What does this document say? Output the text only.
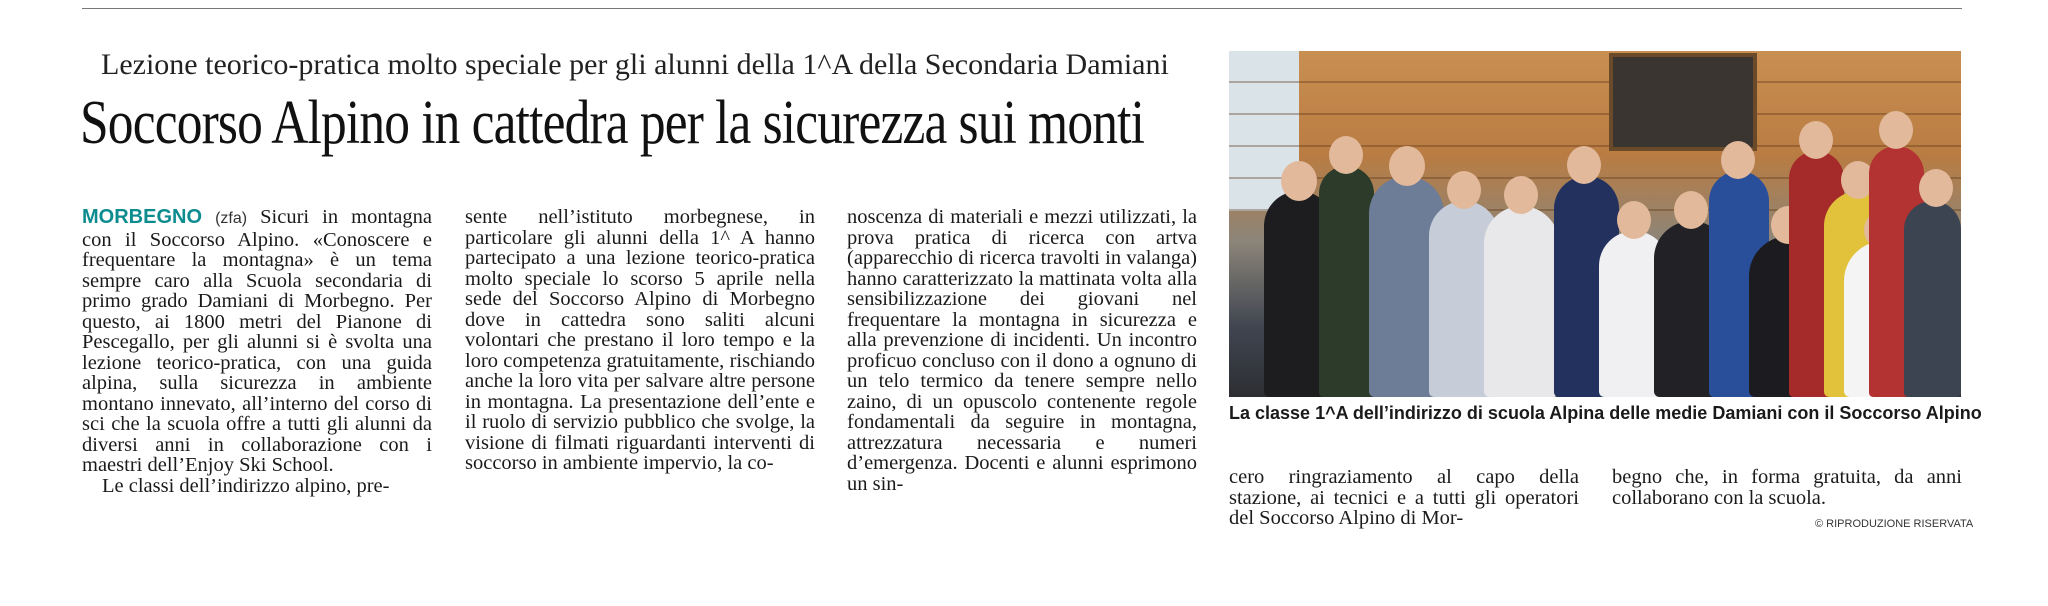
Lezione teorico-pratica molto speciale per gli alunni della 1^A della Secondaria Damiani
Soccorso Alpino in cattedra per la sicurezza sui monti

MORBEGNO (zfa) Sicuri in montagna con il Soccorso Alpino. «Conoscere e frequentare la montagna» è un tema sempre caro alla Scuola secondaria di primo grado Damiani di Morbegno. Per questo, ai 1800 metri del Pianone di Pescegallo, per gli alunni si è svolta una lezione teorico-pratica, con una guida alpina, sulla sicurezza in ambiente montano innevato, all’interno del corso di sci che la scuola offre a tutti gli alunni da diversi anni in collaborazione con i maestri dell’Enjoy Ski School.

Le classi dell’indirizzo alpino, pre-

sente nell’istituto morbegnese, in particolare gli alunni della 1^ A hanno partecipato a una lezione teorico-pratica molto speciale lo scorso 5 aprile nella sede del Soccorso Alpino di Morbegno dove in cattedra sono saliti alcuni volontari che prestano il loro tempo e la loro competenza gratuitamente, rischiando anche la loro vita per salvare altre persone in montagna. La presentazione dell’ente e il ruolo di servizio pubblico che svolge, la visione di filmati riguardanti interventi di soccorso in ambiente impervio, la co-

noscenza di materiali e mezzi utilizzati, la prova pratica di ricerca con artva (apparecchio di ricerca travolti in valanga) hanno caratterizzato la mattinata volta alla sensibilizzazione dei giovani nel frequentare la montagna in sicurezza e alla prevenzione di incidenti. Un incontro proficuo concluso con il dono a ognuno di un telo termico da tenere sempre nello zaino, di un opuscolo contenente regole fondamentali da seguire in montagna, attrezzatura necessaria e numeri d’emergenza. Docenti e alunni esprimono un sin-

La classe 1^A dell’indirizzo di scuola Alpina delle medie Damiani con il Soccorso Alpino

cero ringraziamento al capo della stazione, ai tecnici e a tutti gli operatori del Soccorso Alpino di Mor-

begno che, in forma gratuita, da anni collaborano con la scuola.

© RIPRODUZIONE RISERVATA
